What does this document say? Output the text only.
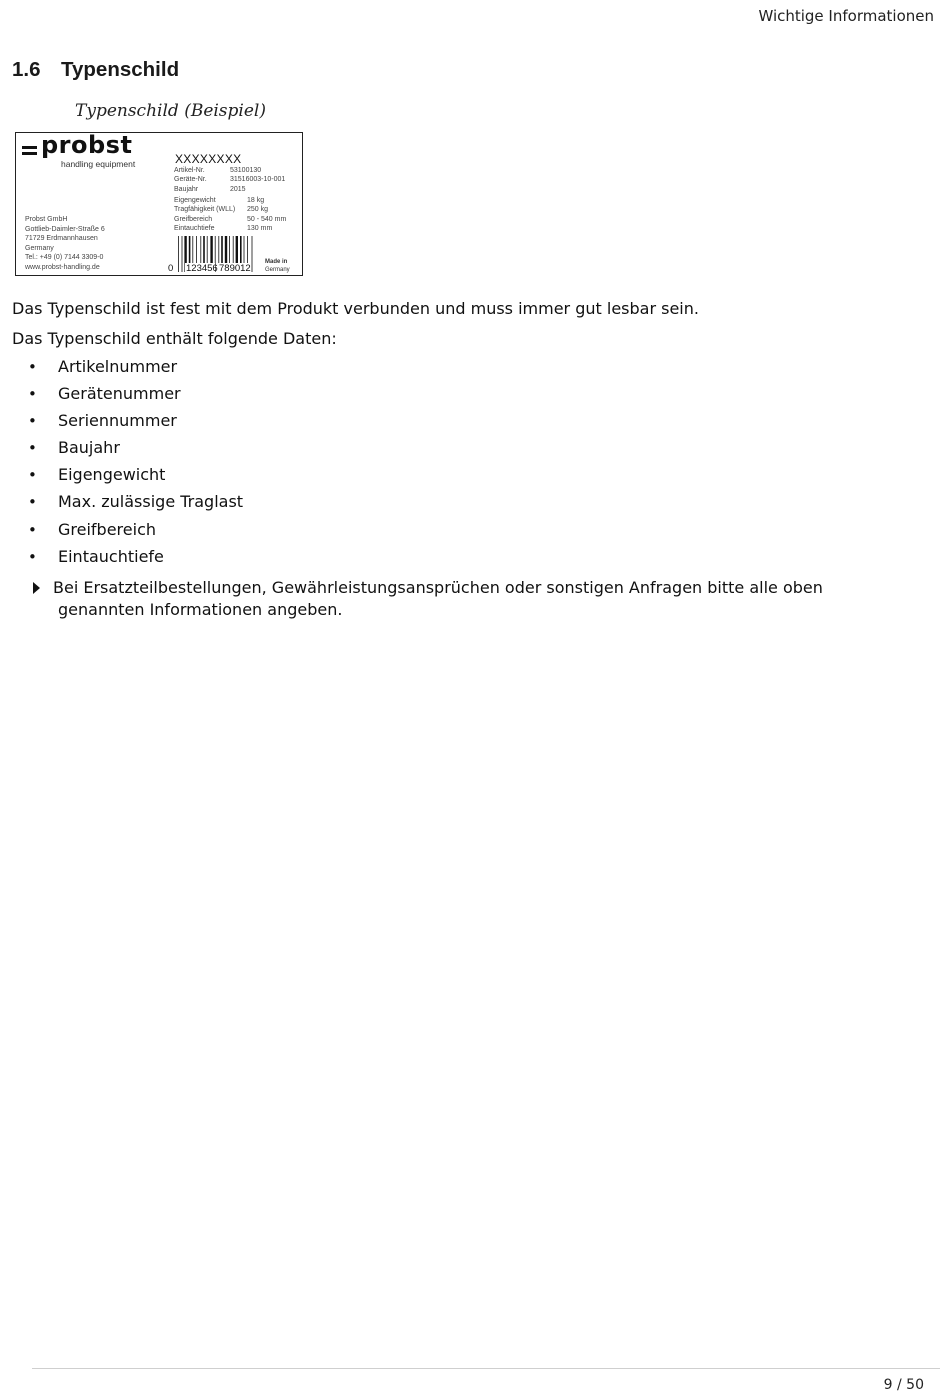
Wichtige Informationen
1.6 Typenschild
Typenschild (Beispiel)
probst
handling equipment
Probst GmbH
Gottlieb-Daimler-Straße 6
71729 Erdmannhausen
Germany
Tel.: +49 (0) 7144 3309-0
www.probst-handling.de
XXXXXXXX
Artikel-Nr.
Geräte-Nr.
Baujahr
53100130
31516003-10-001
2015
Eigengewicht
Tragfähigkeit (WLL)
Greifbereich
Eintauchtiefe
18 kg
250 kg
50 - 540 mm
130 mm
0 123456 789012
Made in
Germany
Das Typenschild ist fest mit dem Produkt verbunden und muss immer gut lesbar sein.
Das Typenschild enthält folgende Daten:
• Artikelnummer
• Gerätenummer
• Seriennummer
• Baujahr
• Eigengewicht
• Max. zulässige Traglast
• Greifbereich
• Eintauchtiefe
Bei Ersatzteilbestellungen, Gewährleistungsansprüchen oder sonstigen Anfragen bitte alle oben
genannten Informationen angeben.
9 / 50
